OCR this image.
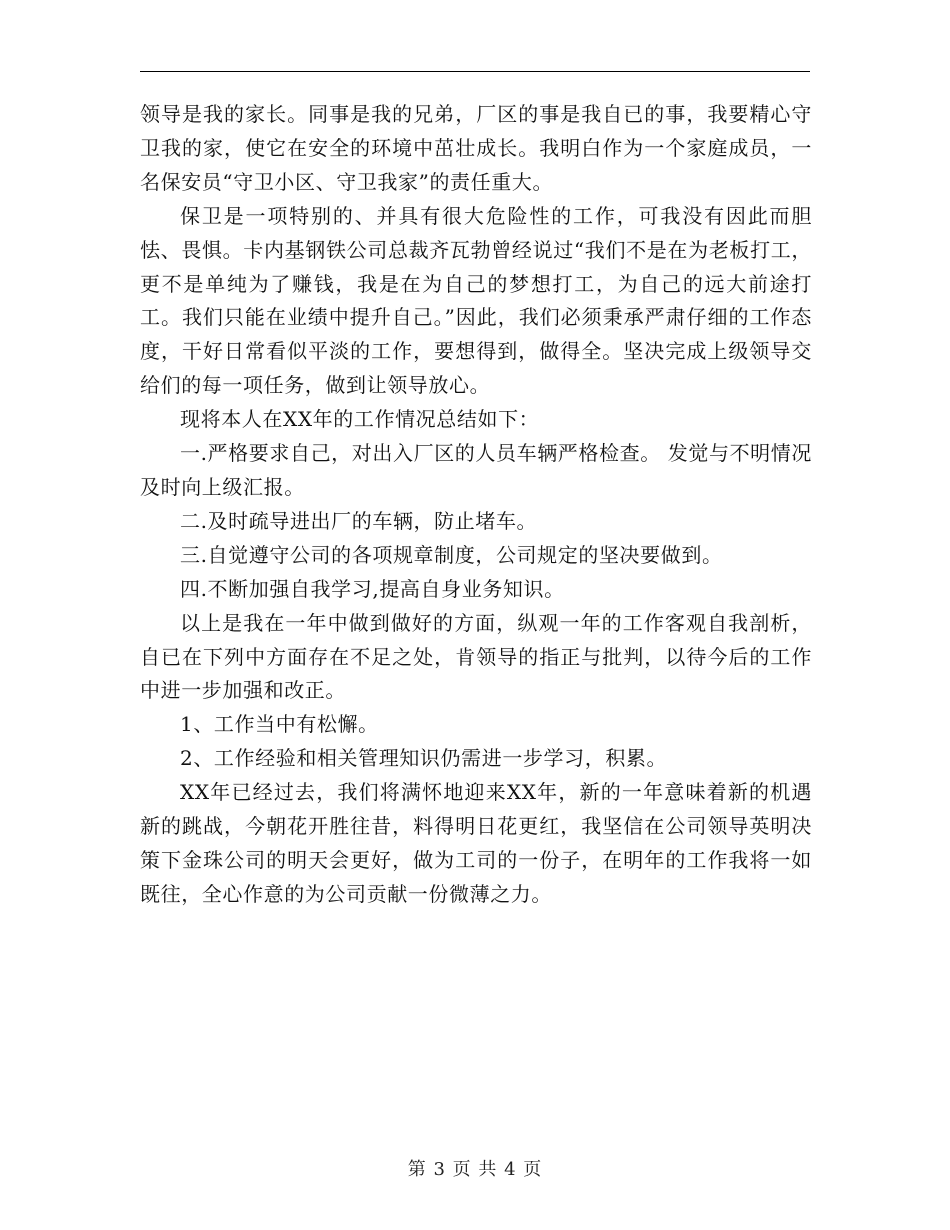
领导是我的家长。同事是我的兄弟，厂区的事是我自已的事，我要精心守卫我的家，使它在安全的环境中茁壮成长。我明白作为一个家庭成员，一名保安员“守卫小区、守卫我家”的责任重大。

保卫是一项特别的、并具有很大危险性的工作，可我没有因此而胆怯、畏惧。卡内基钢铁公司总裁齐瓦勃曾经说过“我们不是在为老板打工，更不是单纯为了赚钱，我是在为自己的梦想打工，为自己的远大前途打工。我们只能在业绩中提升自己。”因此，我们必须秉承严肃仔细的工作态度，干好日常看似平淡的工作，要想得到，做得全。坚决完成上级领导交给们的每一项任务，做到让领导放心。

现将本人在XX年的工作情况总结如下：

一.严格要求自己，对出入厂区的人员车辆严格检查。 发觉与不明情况及时向上级汇报。

二.及时疏导进出厂的车辆，防止堵车。

三.自觉遵守公司的各项规章制度，公司规定的坚决要做到。

四.不断加强自我学习,提高自身业务知识。

以上是我在一年中做到做好的方面，纵观一年的工作客观自我剖析，自已在下列中方面存在不足之处，肯领导的指正与批判，以待今后的工作中进一步加强和改正。

1、工作当中有松懈。

2、工作经验和相关管理知识仍需进一步学习，积累。

XX年已经过去，我们将满怀地迎来XX年，新的一年意味着新的机遇新的跳战，今朝花开胜往昔，料得明日花更红，我坚信在公司领导英明决策下金珠公司的明天会更好，做为工司的一份子，在明年的工作我将一如既往，全心作意的为公司贡献一份微薄之力。

第 3 页 共 4 页
